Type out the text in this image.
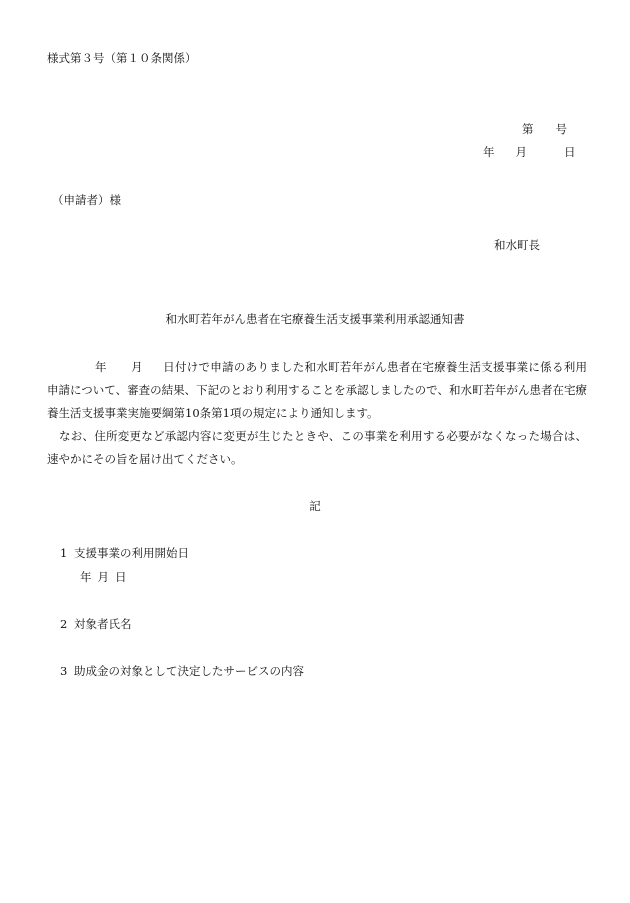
様式第３号（第１０条関係）
第 号
年 月	日
（申請者）様
和水町長
和水町若年がん患者在宅療養生活支援事業利用承認通知書

年 月 日付けで申請のありました和水町若年がん患者在宅療養生活支援事業に係る利用申請について、審査の結果、下記のとおり利用することを承認しましたので、和水町若年がん患者在宅療養生活支援事業実施要綱第10条第1項の規定により通知します。

なお、住所変更など承認内容に変更が生じたときや、この事業を利用する必要がなくなった場合は、速やかにその旨を届け出てください。

記
1 支援事業の利用開始日
年 月 日
2 対象者氏名
3 助成金の対象として決定したサービスの内容
